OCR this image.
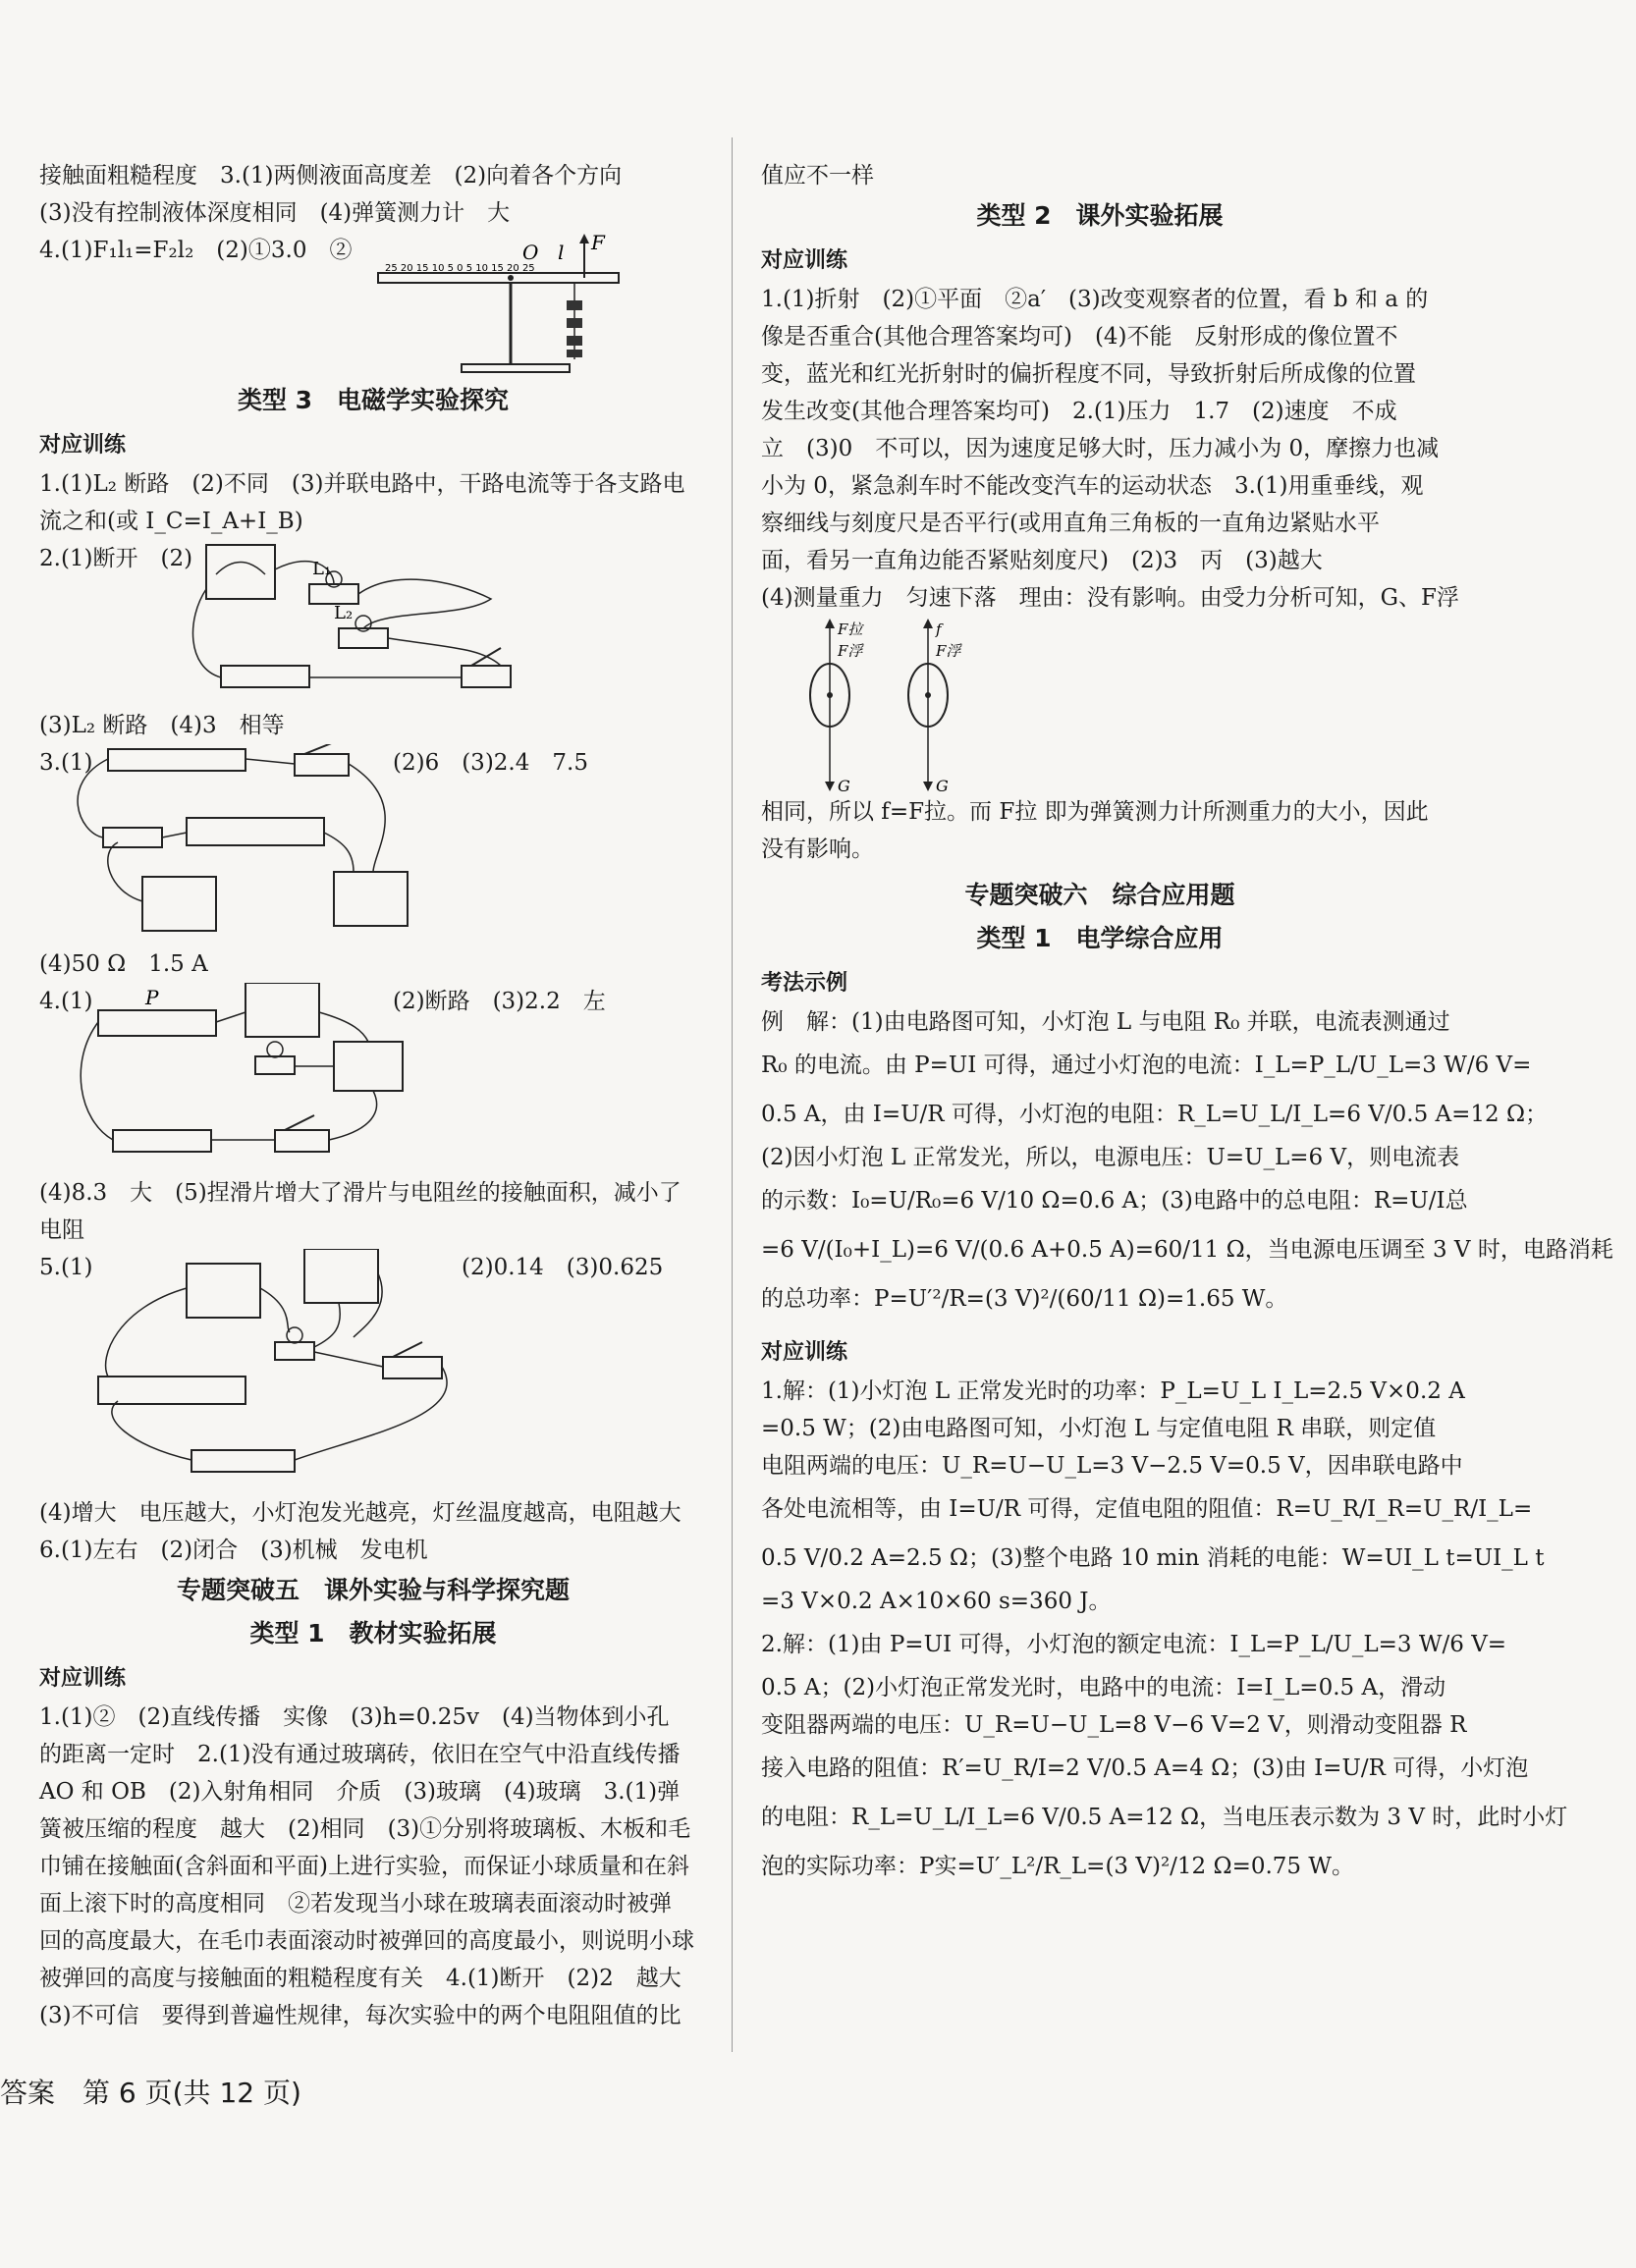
接触面粗糙程度　3.(1)两侧液面高度差　(2)向着各个方向

(3)没有控制液体深度相同　(4)弹簧测力计　大

4.(1)F₁l₁=F₂l₂　(2)①3.0　②

25 20 15 10 5 0 5 10 15 20 25
O l F

类型 3　电磁学实验探究

对应训练

1.(1)L₂ 断路　(2)不同　(3)并联电路中，干路电流等于各支路电

流之和(或 I_C=I_A+I_B)

2.(1)断开　(2)	L₁
L₂

(3)L₂ 断路　(4)3　相等

3.(1)	(2)6　(3)2.4　7.5

(4)50 Ω　1.5 A

4.(1)	(2)断路　(3)2.2　左

P

(4)8.3　大　(5)捏滑片增大了滑片与电阻丝的接触面积，减小了

电阻

5.(1)	(2)0.14　(3)0.625

(4)增大　电压越大，小灯泡发光越亮，灯丝温度越高，电阻越大

6.(1)左右　(2)闭合　(3)机械　发电机

专题突破五　课外实验与科学探究题

类型 1　教材实验拓展

对应训练

1.(1)②　(2)直线传播　实像　(3)h=0.25v　(4)当物体到小孔

的距离一定时　2.(1)没有通过玻璃砖，依旧在空气中沿直线传播

AO 和 OB　(2)入射角相同　介质　(3)玻璃　(4)玻璃　3.(1)弹

簧被压缩的程度　越大　(2)相同　(3)①分别将玻璃板、木板和毛

巾铺在接触面(含斜面和平面)上进行实验，而保证小球质量和在斜

面上滚下时的高度相同　②若发现当小球在玻璃表面滚动时被弹

回的高度最大，在毛巾表面滚动时被弹回的高度最小，则说明小球

被弹回的高度与接触面的粗糙程度有关　4.(1)断开　(2)2　越大

(3)不可信　要得到普遍性规律，每次实验中的两个电阻阻值的比

值应不一样

类型 2　课外实验拓展

对应训练

1.(1)折射　(2)①平面　②a′　(3)改变观察者的位置，看 b 和 a 的

像是否重合(其他合理答案均可)　(4)不能　反射形成的像位置不

变，蓝光和红光折射时的偏折程度不同，导致折射后所成像的位置

发生改变(其他合理答案均可)　2.(1)压力　1.7　(2)速度　不成

立　(3)0　不可以，因为速度足够大时，压力减小为 0，摩擦力也减

小为 0，紧急刹车时不能改变汽车的运动状态　3.(1)用重垂线，观

察细线与刻度尺是否平行(或用直角三角板的一直角边紧贴水平

面，看另一直角边能否紧贴刻度尺)　(2)3　丙　(3)越大

(4)测量重力　匀速下落　理由：没有影响。由受力分析可知，G、F浮

F拉
F浮
G
f
F浮
G

相同，所以 f=F拉。而 F拉 即为弹簧测力计所测重力的大小，因此

没有影响。

专题突破六　综合应用题

类型 1　电学综合应用

考法示例

例　解：(1)由电路图可知，小灯泡 L 与电阻 R₀ 并联，电流表测通过

R₀ 的电流。由 P=UI 可得，通过小灯泡的电流：I_L=P_L/U_L=3 W/6 V=

0.5 A，由 I=U/R 可得，小灯泡的电阻：R_L=U_L/I_L=6 V/0.5 A=12 Ω；

(2)因小灯泡 L 正常发光，所以，电源电压：U=U_L=6 V，则电流表

的示数：I₀=U/R₀=6 V/10 Ω=0.6 A；(3)电路中的总电阻：R=U/I总

=6 V/(I₀+I_L)=6 V/(0.6 A+0.5 A)=60/11 Ω，当电源电压调至 3 V 时，电路消耗

的总功率：P=U′²/R=(3 V)²/(60/11 Ω)=1.65 W。

对应训练

1.解：(1)小灯泡 L 正常发光时的功率：P_L=U_L I_L=2.5 V×0.2 A

=0.5 W；(2)由电路图可知，小灯泡 L 与定值电阻 R 串联，则定值

电阻两端的电压：U_R=U−U_L=3 V−2.5 V=0.5 V，因串联电路中

各处电流相等，由 I=U/R 可得，定值电阻的阻值：R=U_R/I_R=U_R/I_L=

0.5 V/0.2 A=2.5 Ω；(3)整个电路 10 min 消耗的电能：W=UI_L t=UI_L t

=3 V×0.2 A×10×60 s=360 J。

2.解：(1)由 P=UI 可得，小灯泡的额定电流：I_L=P_L/U_L=3 W/6 V=

0.5 A；(2)小灯泡正常发光时，电路中的电流：I=I_L=0.5 A，滑动

变阻器两端的电压：U_R=U−U_L=8 V−6 V=2 V，则滑动变阻器 R

接入电路的阻值：R′=U_R/I=2 V/0.5 A=4 Ω；(3)由 I=U/R 可得，小灯泡

的电阻：R_L=U_L/I_L=6 V/0.5 A=12 Ω，当电压表示数为 3 V 时，此时小灯

泡的实际功率：P实=U′_L²/R_L=(3 V)²/12 Ω=0.75 W。

答案　第 6 页(共 12 页)
